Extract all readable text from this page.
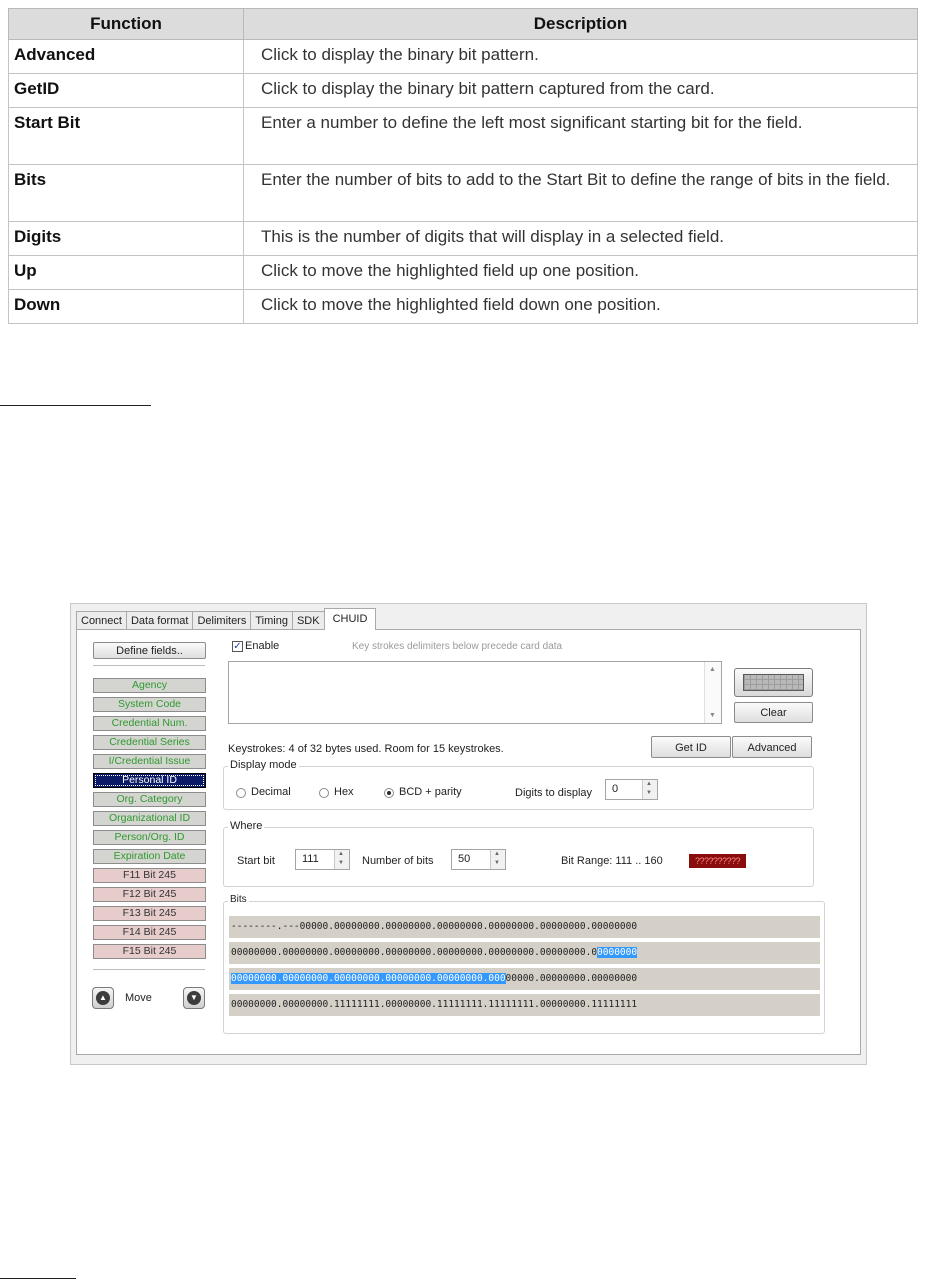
Function	Description
Advanced	Click to display the binary bit pattern.
GetID	Click to display the binary bit pattern captured from the card.
Start Bit	Enter a number to define the left most significant starting bit for the field.
Bits	Enter the number of bits to add to the Start Bit to define the range of bits in the field.
Digits	This is the number of digits that will display in a selected field.
Up	Click to move the highlighted field up one position.
Down	Click to move the highlighted field down one position.
Connect Data format Delimiters Timing SDK	CHUID
Define fields..
Agency
System Code
Credential Num.
Credential Series
I/Credential Issue
Personal ID
Org. Category
Organizational ID
Person/Org. ID
Expiration Date
F11 Bit 245
F12 Bit 245
F13 Bit 245
F14 Bit 245
F15 Bit 245
▲ Move	▼
✓ Enable	Key strokes delimiters below precede card data
▲
▼	Clear
Keystrokes: 4 of 32 bytes used. Room for 15 keystrokes.	Get ID	Advanced
Display mode
Decimal	Hex	BCD + parity	Digits to display 0	▲
▼
Where
Start bit 111	▲
▼ Number of bits 50	▲
▼	Bit Range: 111 .. 160	??????????
Bits
--------.---00000.00000000.00000000.00000000.00000000.00000000.00000000
00000000.00000000.00000000.00000000.00000000.00000000.00000000.00000000
00000000.00000000.00000000.00000000.00000000.00000000.00000000.00000000
00000000.00000000.11111111.00000000.11111111.11111111.00000000.11111111
